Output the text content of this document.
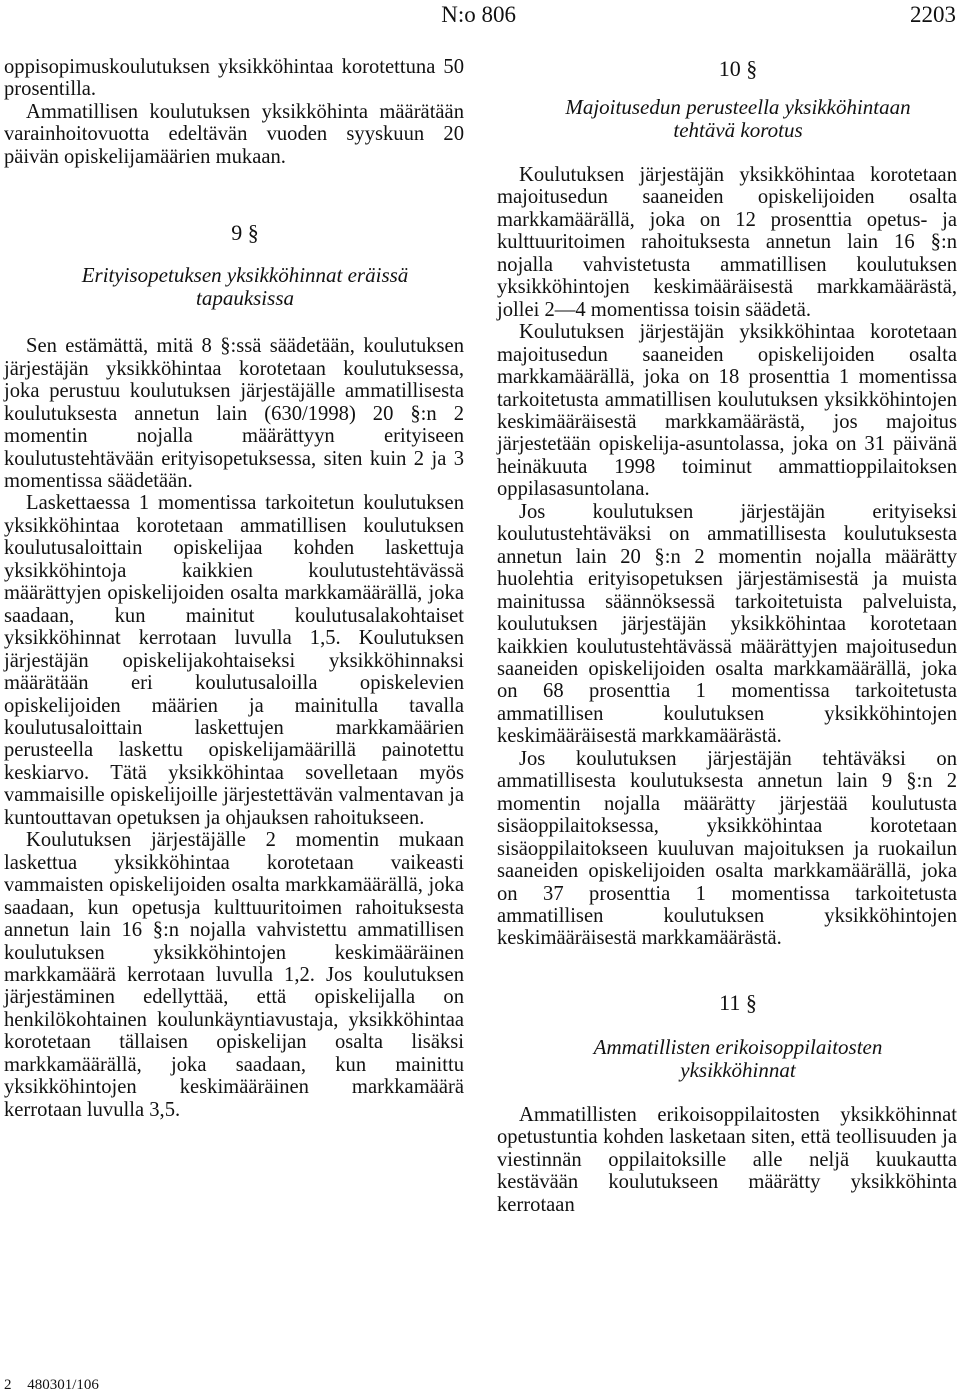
N:o 806	2203

oppisopimuskoulutuksen yksikköhintaa korotettuna 50 prosentilla.

Ammatillisen koulutuksen yksikköhinta määrätään varainhoitovuotta edeltävän vuoden syyskuun 20 päivän opiskelijamäärien mukaan.

9 §

Erityisopetuksen yksikköhinnat eräissä

tapauksissa

Sen estämättä, mitä 8 §:ssä säädetään, koulutuksen järjestäjän yksikköhintaa korotetaan koulutuksessa, joka perustuu koulutuksen järjestäjälle ammatillisesta koulutuksesta annetun lain (630/1998) 20 §:n 2 momentin nojalla määrättyyn erityiseen koulutustehtävään erityisopetuksessa, siten kuin 2 ja 3 momentissa säädetään.

Laskettaessa 1 momentissa tarkoitetun koulutuksen yksikköhintaa korotetaan ammatillisen koulutuksen koulutusaloittain opiskelijaa kohden laskettuja yksikköhintoja kaikkien koulutustehtävässä määrättyjen opiskelijoiden osalta markkamäärällä, joka saadaan, kun mainitut koulutusalakohtaiset yksikköhinnat kerrotaan luvulla 1,5. Koulutuksen järjestäjän opiskelijakohtaiseksi yksikköhinnaksi määrätään eri koulutusaloilla opiskelevien opiskelijoiden määrien ja mainitulla tavalla koulutusaloittain laskettujen markkamäärien perusteella laskettu opiskelijamäärillä painotettu keskiarvo. Tätä yksikköhintaa sovelletaan myös vammaisille opiskelijoille järjestettävän valmentavan ja kuntouttavan opetuksen ja ohjauksen rahoitukseen.

Koulutuksen järjestäjälle 2 momentin mukaan laskettua yksikköhintaa korotetaan vaikeasti vammaisten opiskelijoiden osalta markkamäärällä, joka saadaan, kun opetusja kulttuuritoimen rahoituksesta annetun lain 16 §:n nojalla vahvistettu ammatillisen koulutuksen yksikköhintojen keskimääräinen markkamäärä kerrotaan luvulla 1,2. Jos koulutuksen järjestäminen edellyttää, että opiskelijalla on henkilökohtainen koulunkäyntiavustaja, yksikköhintaa korotetaan tällaisen opiskelijan osalta lisäksi markkamäärällä, joka saadaan, kun mainittu yksikköhintojen keskimääräinen markkamäärä kerrotaan luvulla 3,5.

10 §

Majoitusedun perusteella yksikköhintaan

tehtävä korotus

Koulutuksen järjestäjän yksikköhintaa korotetaan majoitusedun saaneiden opiskelijoiden osalta markkamäärällä, joka on 12 prosenttia opetus- ja kulttuuritoimen rahoituksesta annetun lain 16 §:n nojalla vahvistetusta ammatillisen koulutuksen yksikköhintojen keskimääräisestä markkamäärästä, jollei 2—4 momentissa toisin säädetä.

Koulutuksen järjestäjän yksikköhintaa korotetaan majoitusedun saaneiden opiskelijoiden osalta markkamäärällä, joka on 18 prosenttia 1 momentissa tarkoitetusta ammatillisen koulutuksen yksikköhintojen keskimääräisestä markkamäärästä, jos majoitus järjestetään opiskelija-asuntolassa, joka on 31 päivänä heinäkuuta 1998 toiminut ammattioppilaitoksen oppilasasuntolana.

Jos koulutuksen järjestäjän erityiseksi koulutustehtäväksi on ammatillisesta koulutuksesta annetun lain 20 §:n 2 momentin nojalla määrätty huolehtia erityisopetuksen järjestämisestä ja muista mainitussa säännöksessä tarkoitetuista palveluista, koulutuksen järjestäjän yksikköhintaa korotetaan kaikkien koulutustehtävässä määrättyjen majoitusedun saaneiden opiskelijoiden osalta markkamäärällä, joka on 68 prosenttia 1 momentissa tarkoitetusta ammatillisen koulutuksen yksikköhintojen keskimääräisestä markkamäärästä.

Jos koulutuksen järjestäjän tehtäväksi on ammatillisesta koulutuksesta annetun lain 9 §:n 2 momentin nojalla määrätty järjestää koulutusta sisäoppilaitoksessa, yksikköhintaa korotetaan sisäoppilaitokseen kuuluvan majoituksen ja ruokailun saaneiden opiskelijoiden osalta markkamäärällä, joka on 37 prosenttia 1 momentissa tarkoitetusta ammatillisen koulutuksen yksikköhintojen keskimääräisestä markkamäärästä.

11 §

Ammatillisten erikoisoppilaitosten

yksikköhinnat

Ammatillisten erikoisoppilaitosten yksikköhinnat opetustuntia kohden lasketaan siten, että teollisuuden ja viestinnän oppilaitoksille alle neljä kuukautta kestävään koulutukseen määrätty yksikköhinta kerrotaan

2 480301/106
